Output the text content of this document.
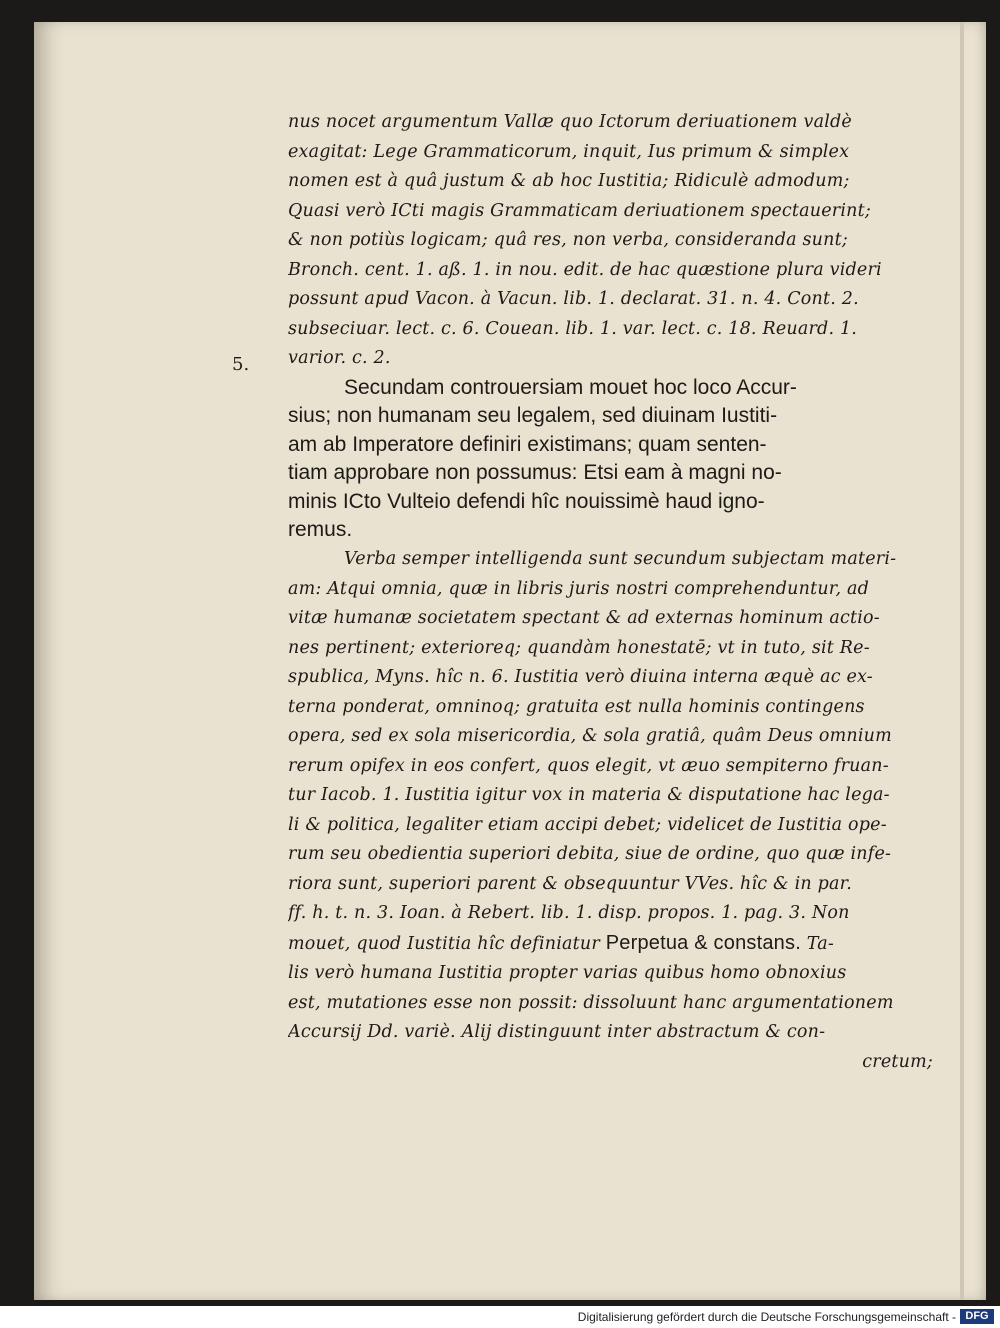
5.
nus nocet argumentum Vallæ quo Ictorum deriuationem valdè
exagitat: Lege Grammaticorum, inquit, Ius primum & simplex
nomen est à quâ justum & ab hoc Iustitia; Ridiculè admodum;
Quasi verò ICti magis Grammaticam deriuationem spectauerint;
& non potiùs logicam; quâ res, non verba, consideranda sunt;
Bronch. cent. 1. aß. 1. in nou. edit. de hac quæstione plura videri
possunt apud Vacon. à Vacun. lib. 1. declarat. 31. n. 4. Cont. 2.
subseciuar. lect. c. 6. Couean. lib. 1. var. lect. c. 18. Reuard. 1.
varior. c. 2.
Secundam controuersiam mouet hoc loco Accur-
sius; non humanam seu legalem, sed diuinam Iustiti-
am ab Imperatore definiri existimans; quam senten-
tiam approbare non possumus: Etsi eam à magni no-
minis ICto Vulteio defendi hîc nouissimè haud igno-
remus.
Verba semper intelligenda sunt secundum subjectam materi-
am: Atqui omnia, quæ in libris juris nostri comprehenduntur, ad
vitæ humanæ societatem spectant & ad externas hominum actio-
nes pertinent; exterioreq; quandàm honestatē; vt in tuto, sit Re-
spublica, Myns. hîc n. 6. Iustitia verò diuina interna æquè ac ex-
terna ponderat, omninoq; gratuita est nulla hominis contingens
opera, sed ex sola misericordia, & sola gratiâ, quâm Deus omnium
rerum opifex in eos confert, quos elegit, vt æuo sempiterno fruan-
tur Iacob. 1. Iustitia igitur vox in materia & disputatione hac lega-
li & politica, legaliter etiam accipi debet; videlicet de Iustitia ope-
rum seu obedientia superiori debita, siue de ordine, quo quæ infe-
riora sunt, superiori parent & obsequuntur VVes. hîc & in par.
ff. h. t. n. 3. Ioan. à Rebert. lib. 1. disp. propos. 1. pag. 3. Non
mouet, quod Iustitia hîc definiatur Perpetua & constans. Ta-
lis verò humana Iustitia propter varias quibus homo obnoxius
est, mutationes esse non possit: dissoluunt hanc argumentationem
Accursij Dd. variè. Alij distinguunt inter abstractum & con-
cretum;
Digitalisierung gefördert durch die Deutsche Forschungsgemeinschaft - DFG
